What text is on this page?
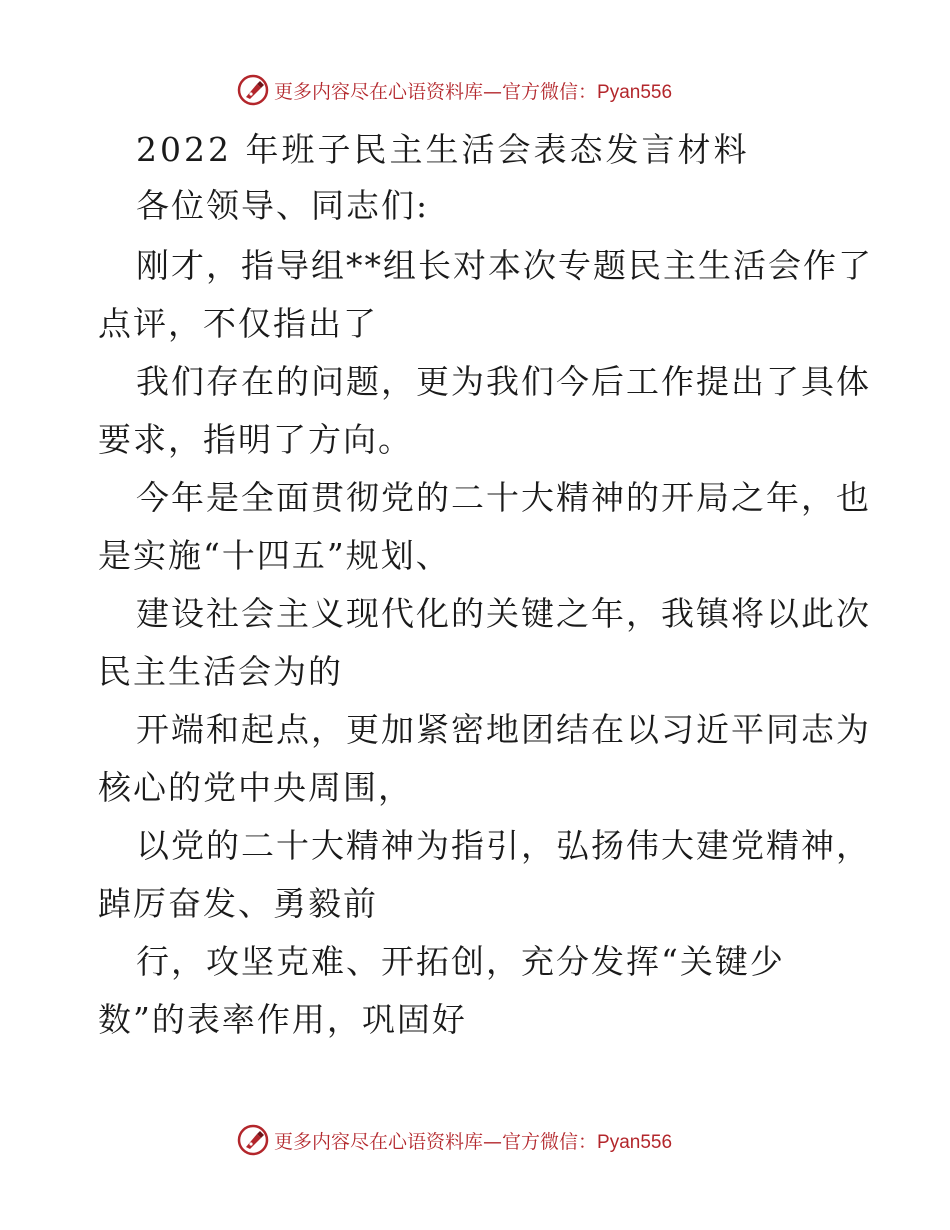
更多内容尽在心语资料库—官方微信：Pyan556
2022 年班子民主生活会表态发言材料
各位领导、同志们:
刚才，指导组**组长对本次专题民主生活会作了
点评，不仅指出了
我们存在的问题，更为我们今后工作提出了具体
要求，指明了方向。
今年是全面贯彻党的二十大精神的开局之年，也
是实施“十四五”规划、
建设社会主义现代化的关键之年，我镇将以此次
民主生活会为的
开端和起点，更加紧密地团结在以习近平同志为
核心的党中央周围，
以党的二十大精神为指引，弘扬伟大建党精神，
踔厉奋发、勇毅前
行，攻坚克难、开拓创，充分发挥“关键少
数”的表率作用，巩固好
更多内容尽在心语资料库—官方微信：Pyan556
